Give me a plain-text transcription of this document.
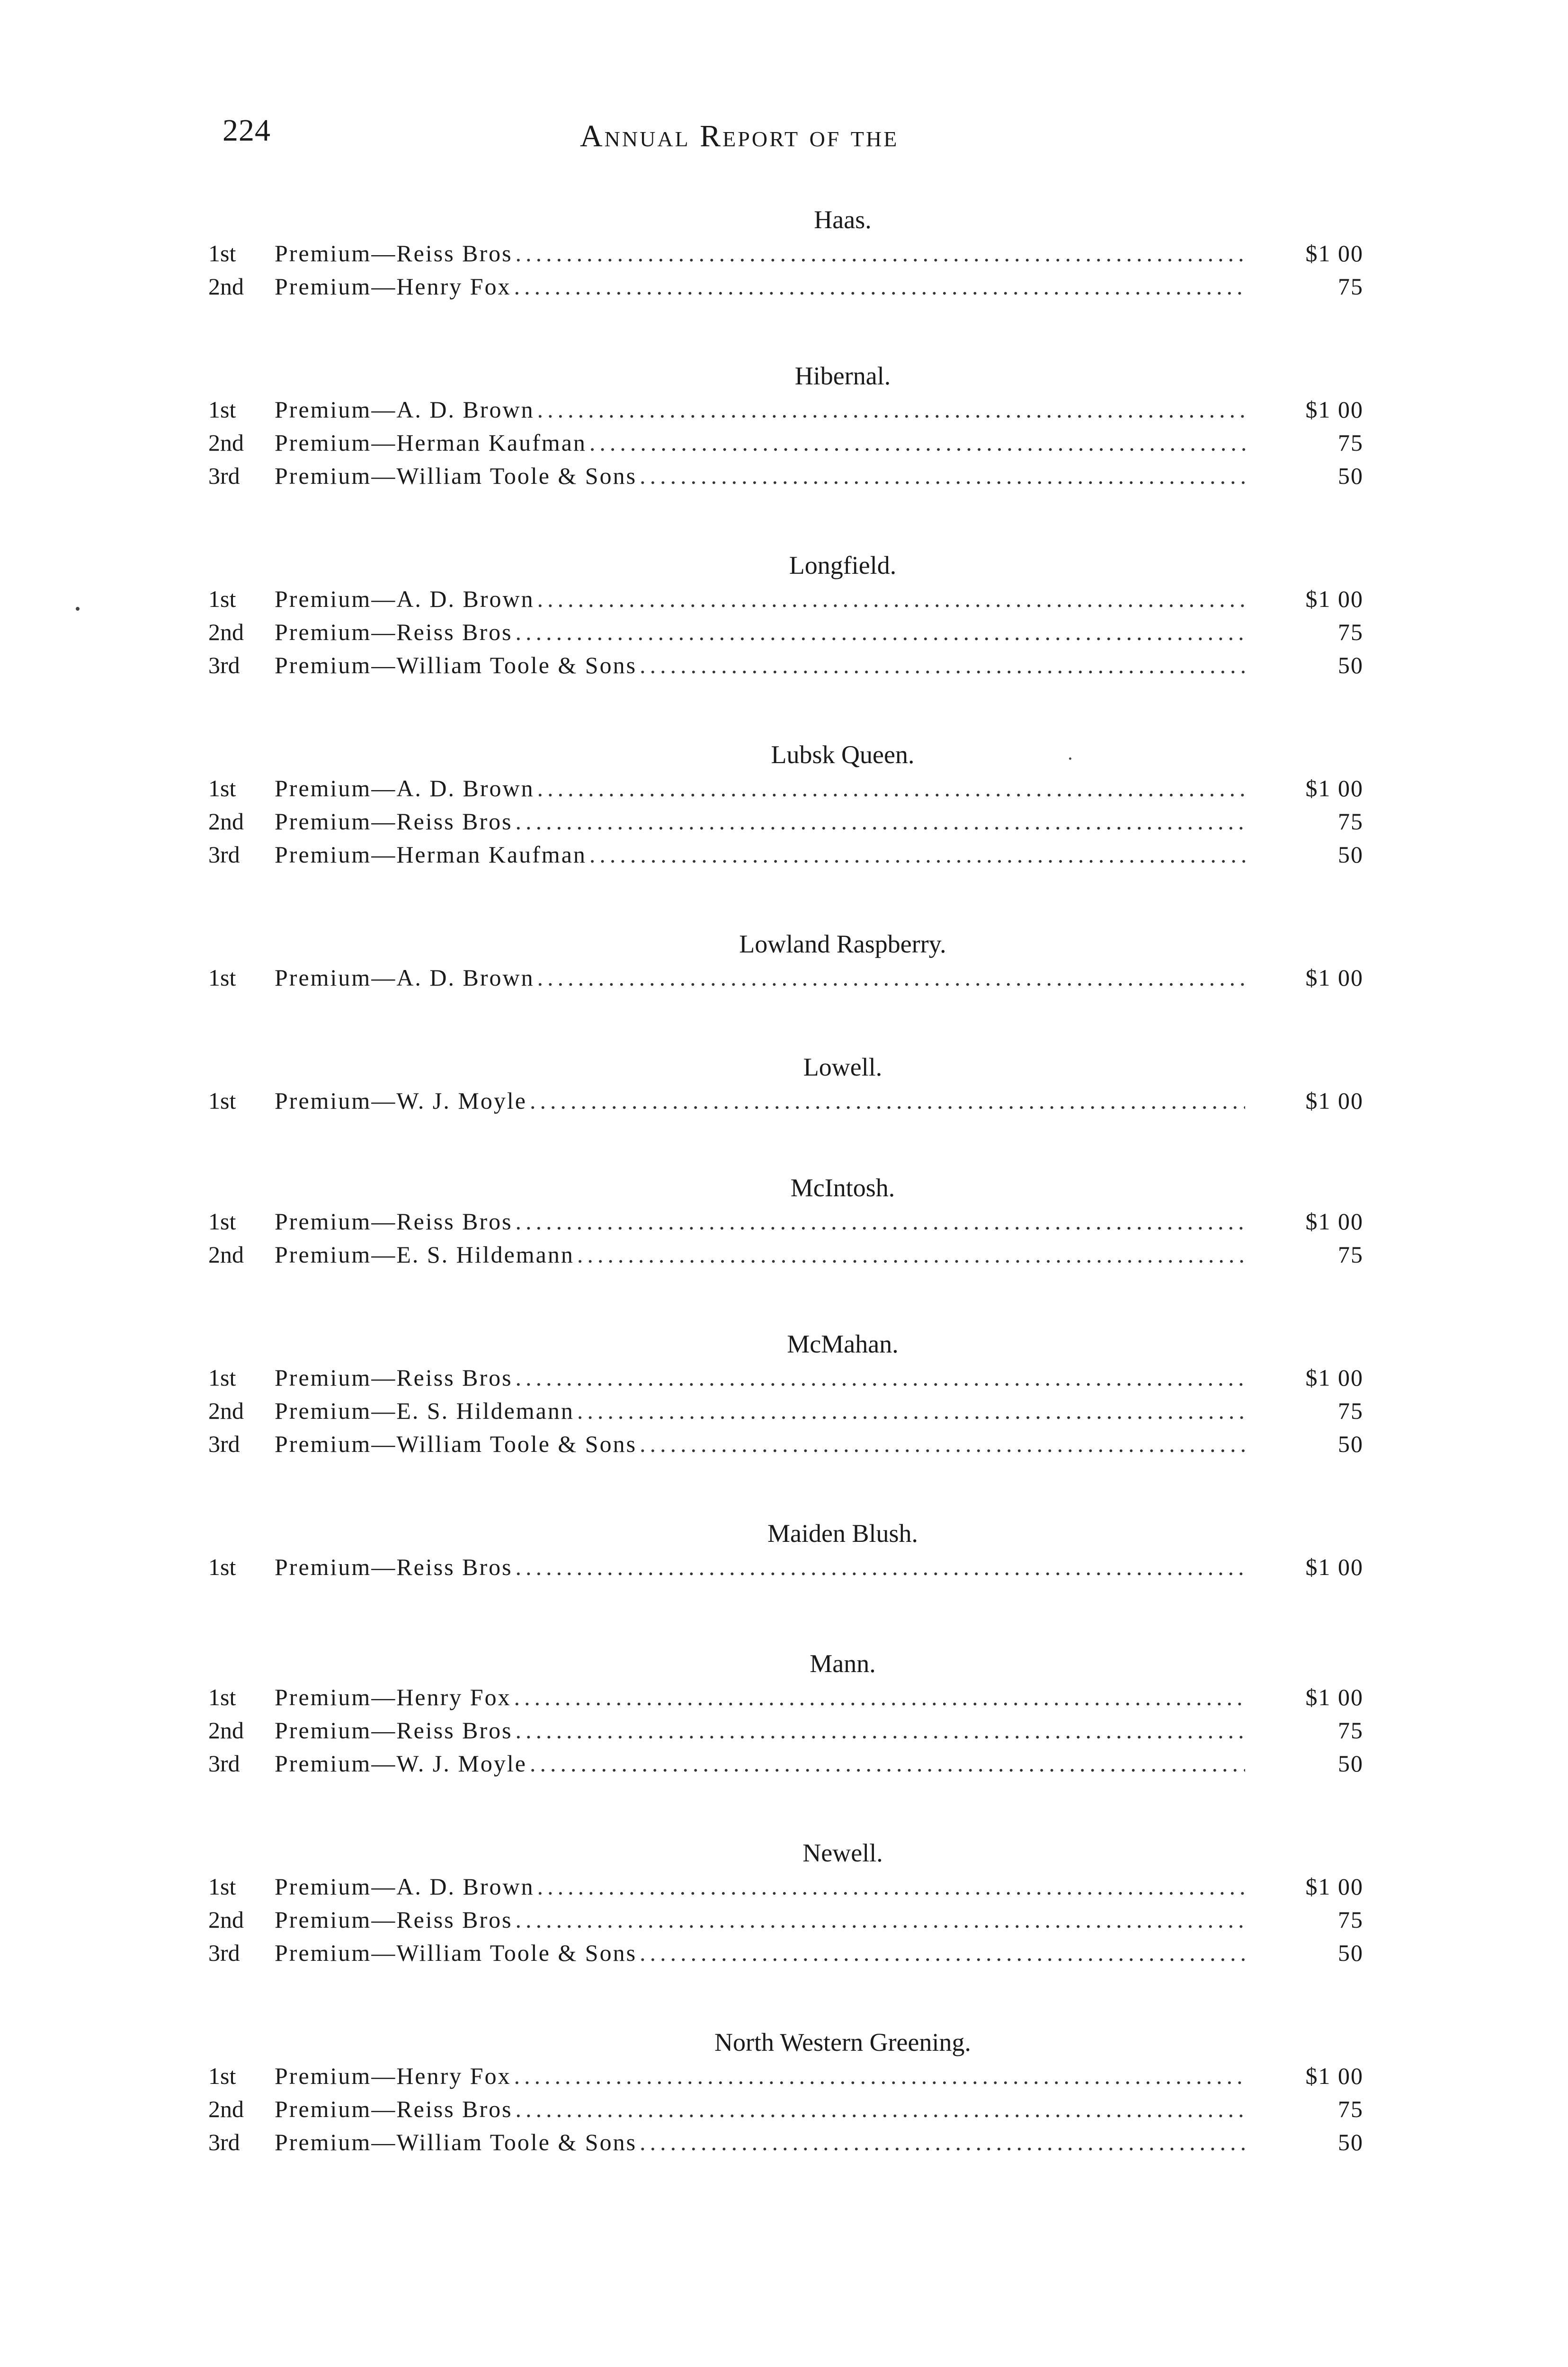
224	Annual Report of the
Haas.
1st	Premium—Reiss Bros .....	$1 00
2nd	Premium—Henry Fox .....	75
Hibernal.
1st	Premium—A. D. Brown .....	$1 00
2nd	Premium—Herman Kaufman .....	75
3rd	Premium—William Toole & Sons .....	50
Longfield.
1st	Premium—A. D. Brown .....	$1 00
2nd	Premium—Reiss Bros .....	75
3rd	Premium—William Toole & Sons .....	50
Lubsk Queen.
1st	Premium—A. D. Brown .....	$1 00
2nd	Premium—Reiss Bros .....	75
3rd	Premium—Herman Kaufman .....	50
Lowland Raspberry.
1st	Premium—A. D. Brown .....	$1 00
Lowell.
1st	Premium—W. J. Moyle .....	$1 00
McIntosh.
1st	Premium—Reiss Bros .....	$1 00
2nd	Premium—E. S. Hildemann .....	75
McMahan.
1st	Premium—Reiss Bros .....	$1 00
2nd	Premium—E. S. Hildemann .....	75
3rd	Premium—William Toole & Sons .....	50
Maiden Blush.
1st	Premium—Reiss Bros .....	$1 00
Mann.
1st	Premium—Henry Fox .....	$1 00
2nd	Premium—Reiss Bros .....	75
3rd	Premium—W. J. Moyle .....	50
Newell.
1st	Premium—A. D. Brown .....	$1 00
2nd	Premium—Reiss Bros .....	75
3rd	Premium—William Toole & Sons .....	50
North Western Greening.
1st	Premium—Henry Fox .....	$1 00
2nd	Premium—Reiss Bros .....	75
3rd	Premium—William Toole & Sons .....	50
